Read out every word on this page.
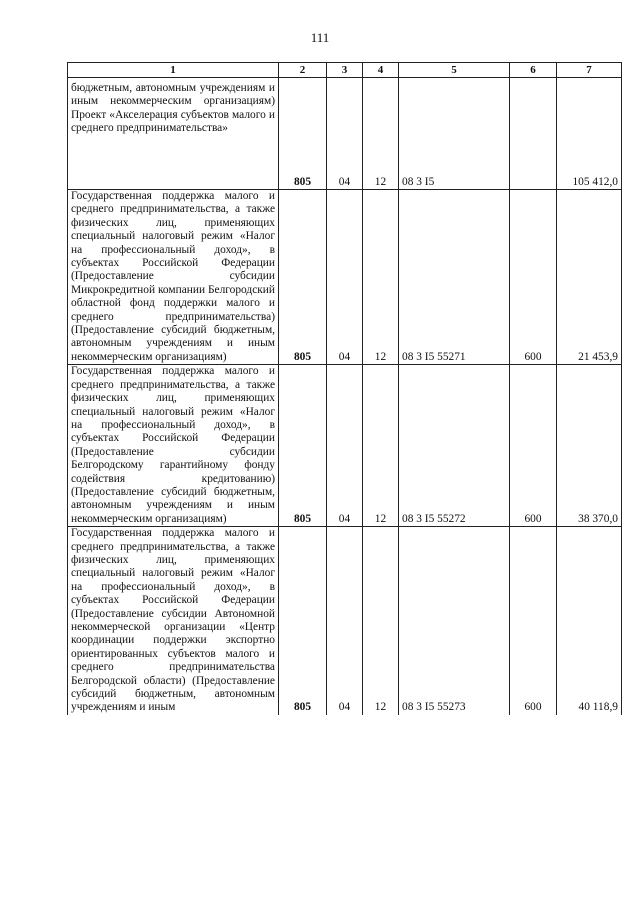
111
1	2	3	4	5	6	7

бюджетным, автономным учреждениям и иным некоммерческим организациям) Проект «Акселерация субъектов малого и среднего предпринимательства»	805	04	12	08 3 I5		105 412,0

Государственная поддержка малого и среднего предпринимательства, а также физических лиц, применяющих специальный налоговый режим «Налог на профессиональный доход», в субъектах Российской Федерации (Предоставление субсидии Микрокредитной компании Белгородский областной фонд поддержки малого и среднего предпринимательства) (Предоставление субсидий бюджетным, автономным учреждениям и иным некоммерческим организациям)	805	04	12	08 3 I5 55271	600	21 453,9

Государственная поддержка малого и среднего предпринимательства, а также физических лиц, применяющих специальный налоговый режим «Налог на профессиональный доход», в субъектах Российской Федерации (Предоставление субсидии Белгородскому гарантийному фонду содействия кредитованию) (Предоставление субсидий бюджетным, автономным учреждениям и иным некоммерческим организациям)	805	04	12	08 3 I5 55272	600	38 370,0

Государственная поддержка малого и среднего предпринимательства, а также физических лиц, применяющих специальный налоговый режим «Налог на профессиональный доход», в субъектах Российской Федерации (Предоставление субсидии Автономной некоммерческой организации «Центр координации поддержки экспортно ориентированных субъектов малого и среднего предпринимательства Белгородской области) (Предоставление субсидий бюджетным, автономным учреждениям и иным	805	04	12	08 3 I5 55273	600	40 118,9
